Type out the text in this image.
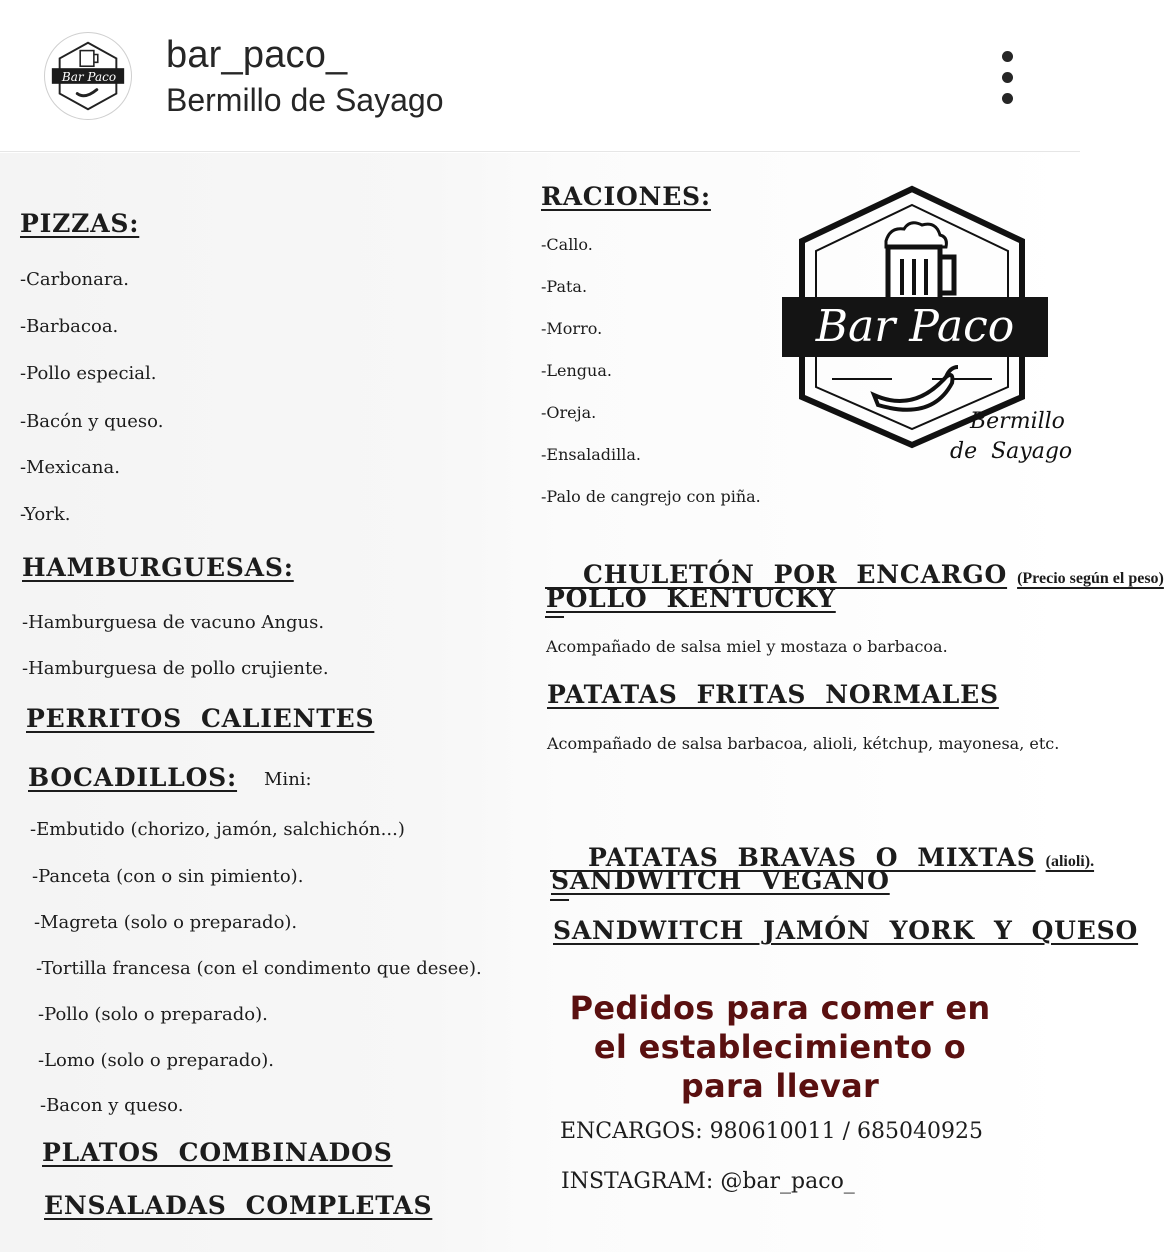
Bar Paco
bar_paco_
Bermillo de Sayago
PIZZAS:
-Carbonara.
-Barbacoa.
-Pollo especial.
-Bacón y queso.
-Mexicana.
-York.
HAMBURGUESAS:
-Hamburguesa de vacuno Angus.
-Hamburguesa de pollo crujiente.
PERRITOS  CALIENTES
BOCADILLOS: Mini:
-Embutido (chorizo, jamón, salchichón...)
-Panceta (con o sin pimiento).
-Magreta (solo o preparado).
-Tortilla francesa (con el condimento que desee).
-Pollo (solo o preparado).
-Lomo (solo o preparado).
-Bacon y queso.
PLATOS  COMBINADOS
ENSALADAS  COMPLETAS
RACIONES:
-Callo.
-Pata.
-Morro.
-Lengua.
-Oreja.
-Ensaladilla.
-Palo de cangrejo con piña.
Bar Paco
Bermillo
de  Sayago

CHULETÓN  POR  ENCARGO (Precio según el peso)

POLLO  KENTUCKY
Acompañado de salsa miel y mostaza o barbacoa.
PATATAS  FRITAS  NORMALES
Acompañado de salsa barbacoa, alioli, kétchup, mayonesa, etc.

PATATAS  BRAVAS  O  MIXTAS (alioli).

SANDWITCH  VEGANO
SANDWITCH  JAMÓN  YORK  Y  QUESO
Pedidos para comer en
el establecimiento o
para llevar
ENCARGOS: 980610011 / 685040925
INSTAGRAM: @bar_paco_
